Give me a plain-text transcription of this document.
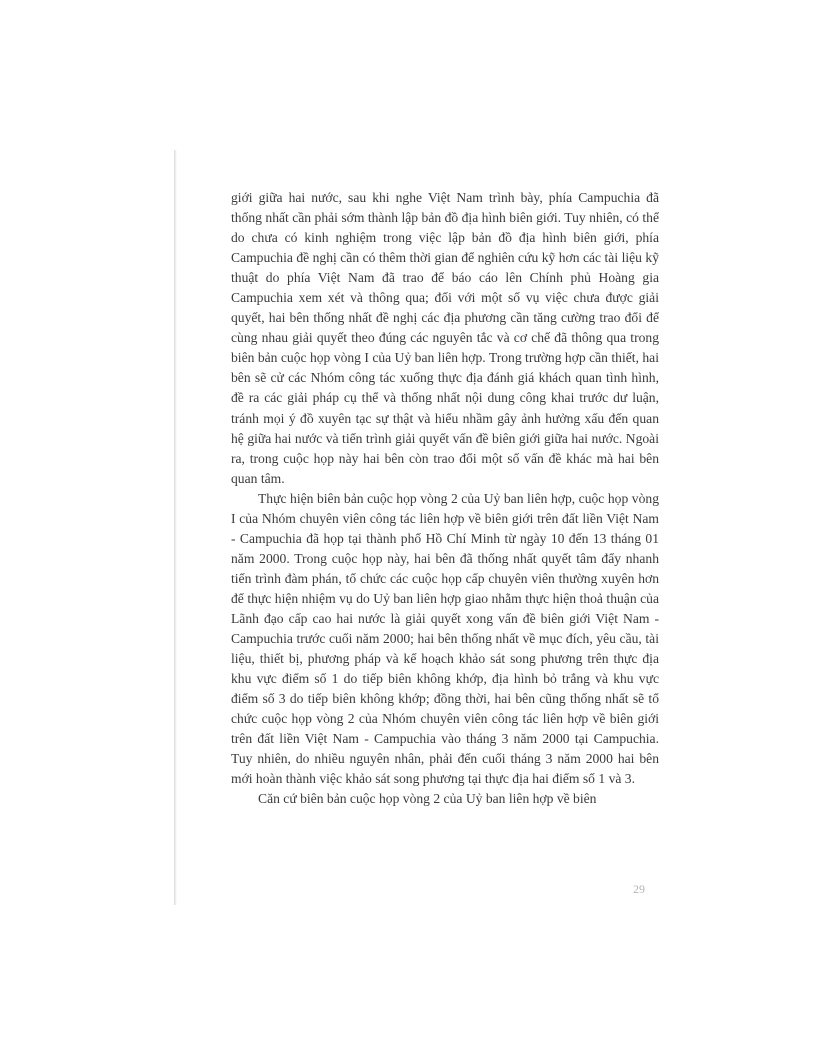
giới giữa hai nước, sau khi nghe Việt Nam trình bày, phía Campuchia đã thống nhất cần phải sớm thành lập bản đồ địa hình biên giới. Tuy nhiên, có thể do chưa có kinh nghiệm trong việc lập bản đồ địa hình biên giới, phía Campuchia đề nghị cần có thêm thời gian để nghiên cứu kỹ hơn các tài liệu kỹ thuật do phía Việt Nam đã trao để báo cáo lên Chính phủ Hoàng gia Campuchia xem xét và thông qua; đối với một số vụ việc chưa được giải quyết, hai bên thống nhất đề nghị các địa phương cần tăng cường trao đổi để cùng nhau giải quyết theo đúng các nguyên tắc và cơ chế đã thông qua trong biên bản cuộc họp vòng I của Uỷ ban liên hợp. Trong trường hợp cần thiết, hai bên sẽ cử các Nhóm công tác xuống thực địa đánh giá khách quan tình hình, đề ra các giải pháp cụ thể và thống nhất nội dung công khai trước dư luận, tránh mọi ý đồ xuyên tạc sự thật và hiểu nhầm gây ảnh hưởng xấu đến quan hệ giữa hai nước và tiến trình giải quyết vấn đề biên giới giữa hai nước. Ngoài ra, trong cuộc họp này hai bên còn trao đổi một số vấn đề khác mà hai bên quan tâm.

Thực hiện biên bản cuộc họp vòng 2 của Uỷ ban liên hợp, cuộc họp vòng I của Nhóm chuyên viên công tác liên hợp về biên giới trên đất liền Việt Nam - Campuchia đã họp tại thành phố Hồ Chí Minh từ ngày 10 đến 13 tháng 01 năm 2000. Trong cuộc họp này, hai bên đã thống nhất quyết tâm đẩy nhanh tiến trình đàm phán, tổ chức các cuộc họp cấp chuyên viên thường xuyên hơn để thực hiện nhiệm vụ do Uỷ ban liên hợp giao nhằm thực hiện thoả thuận của Lãnh đạo cấp cao hai nước là giải quyết xong vấn đề biên giới Việt Nam - Campuchia trước cuối năm 2000; hai bên thống nhất về mục đích, yêu cầu, tài liệu, thiết bị, phương pháp và kế hoạch khảo sát song phương trên thực địa khu vực điểm số 1 do tiếp biên không khớp, địa hình bỏ trắng và khu vực điểm số 3 do tiếp biên không khớp; đồng thời, hai bên cũng thống nhất sẽ tổ chức cuộc họp vòng 2 của Nhóm chuyên viên công tác liên hợp về biên giới trên đất liền Việt Nam - Campuchia vào tháng 3 năm 2000 tại Campuchia. Tuy nhiên, do nhiều nguyên nhân, phải đến cuối tháng 3 năm 2000 hai bên mới hoàn thành việc khảo sát song phương tại thực địa hai điểm số 1 và 3.

Căn cứ biên bản cuộc họp vòng 2 của Uỷ ban liên hợp về biên

29
